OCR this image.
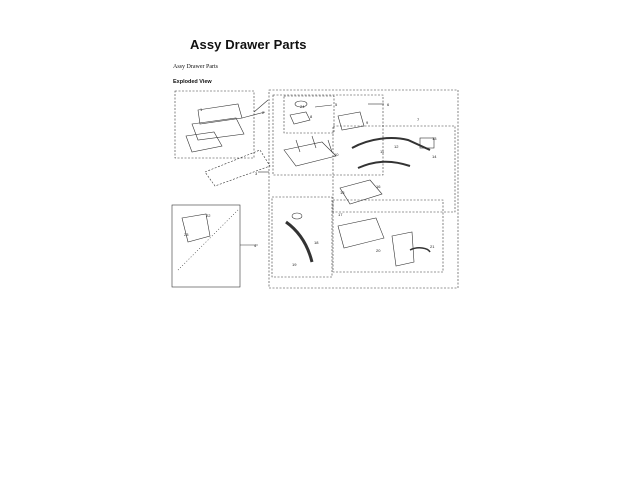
Assy Drawer Parts
Assy Drawer Parts
Exploded View
1
2
3
4
5	6
7
8
9
10
11
12
13
14
15
16
17
18
19
20
21
22
23
24
